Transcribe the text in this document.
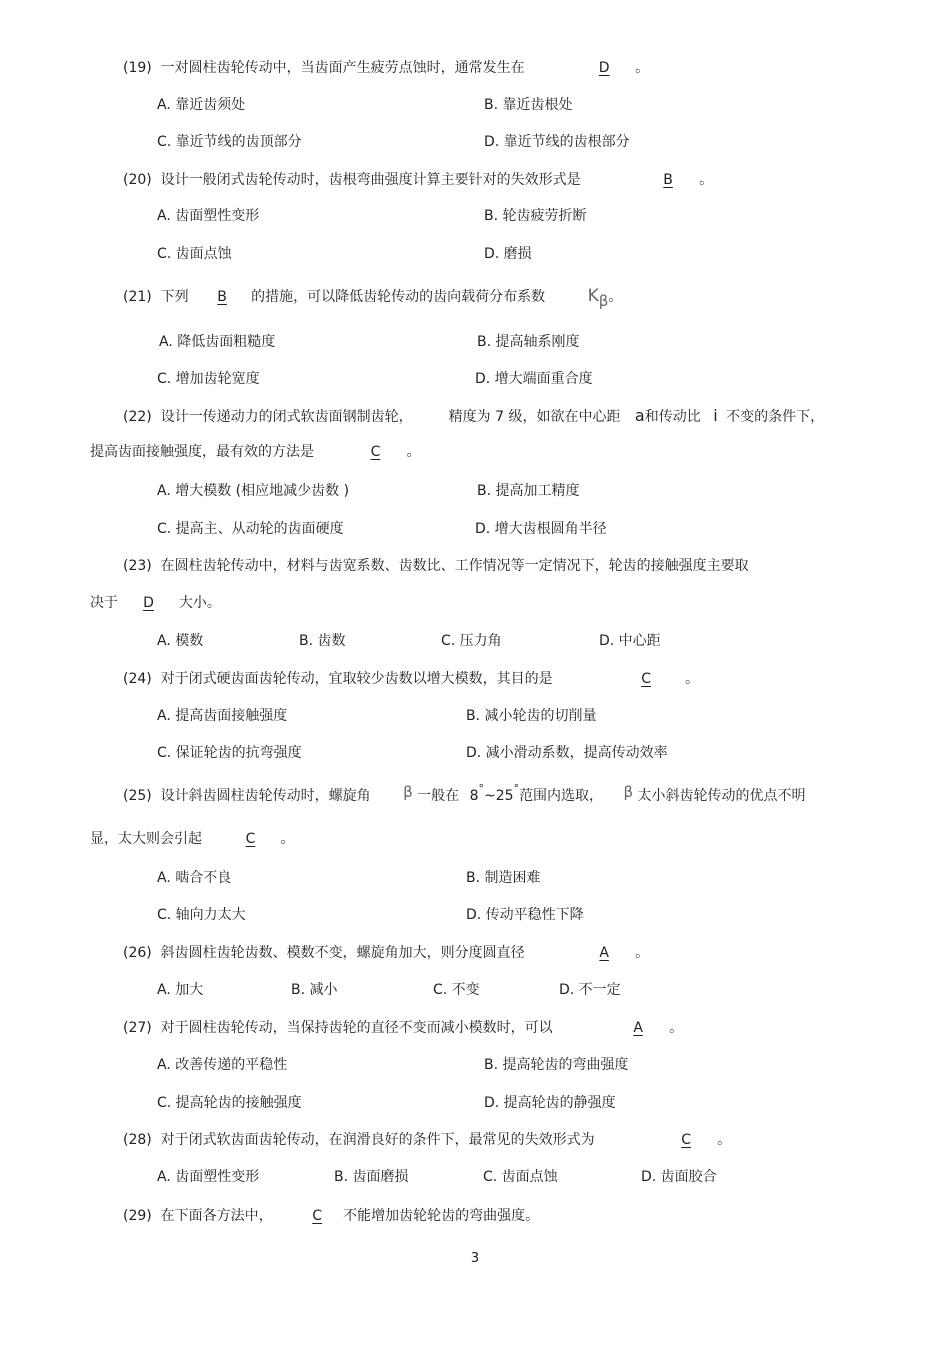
(19) 一对圆柱齿轮传动中，当齿面产生疲劳点蚀时，通常发生在	D 。
A. 靠近齿须处	B. 靠近齿根处
C. 靠近节线的齿顶部分	D. 靠近节线的齿根部分
(20) 设计一般闭式齿轮传动时，齿根弯曲强度计算主要针对的失效形式是	B 。
A. 齿面塑性变形	B. 轮齿疲劳折断
C. 齿面点蚀	D. 磨损
(21) 下列 B 的措施，可以降低齿轮传动的齿向载荷分布系数 Kβ。
A. 降低齿面粗糙度	B. 提高轴系刚度
C. 增加齿轮宽度	D. 增大端面重合度
(22) 设计一传递动力的闭式软齿面钢制齿轮，	精度为 7 级，如欲在中心距 a和传动比 i 不变的条件下，
提高齿面接触强度，最有效的方法是	C 。
A. 增大模数 (相应地减少齿数 )	B. 提高加工精度
C. 提高主、从动轮的齿面硬度	D. 增大齿根圆角半径
(23) 在圆柱齿轮传动中，材料与齿宽系数、齿数比、工作情况等一定情况下，轮齿的接触强度主要取
决于 D 大小。
A. 模数	B. 齿数	C. 压力角	D. 中心距
(24) 对于闭式硬齿面齿轮传动，宜取较少齿数以增大模数，其目的是	C 。
A. 提高齿面接触强度	B. 减小轮齿的切削量
C. 保证轮齿的抗弯强度	D. 减小滑动系数，提高传动效率
(25) 设计斜齿圆柱齿轮传动时，螺旋角 β 一般在 8°~25°范围内选取， β 太小斜齿轮传动的优点不明
显，太大则会引起	C 。
A. 啮合不良	B. 制造困难
C. 轴向力太大	D. 传动平稳性下降
(26) 斜齿圆柱齿轮齿数、模数不变，螺旋角加大，则分度圆直径	A 。
A. 加大	B. 减小	C. 不变	D. 不一定
(27) 对于圆柱齿轮传动，当保持齿轮的直径不变而减小模数时，可以	A 。
A. 改善传递的平稳性	B. 提高轮齿的弯曲强度
C. 提高轮齿的接触强度	D. 提高轮齿的静强度
(28) 对于闭式软齿面齿轮传动，在润滑良好的条件下，最常见的失效形式为	C 。
A. 齿面塑性变形	B. 齿面磨损	C. 齿面点蚀	D. 齿面胶合
(29) 在下面各方法中，	C 不能增加齿轮轮齿的弯曲强度。
3
